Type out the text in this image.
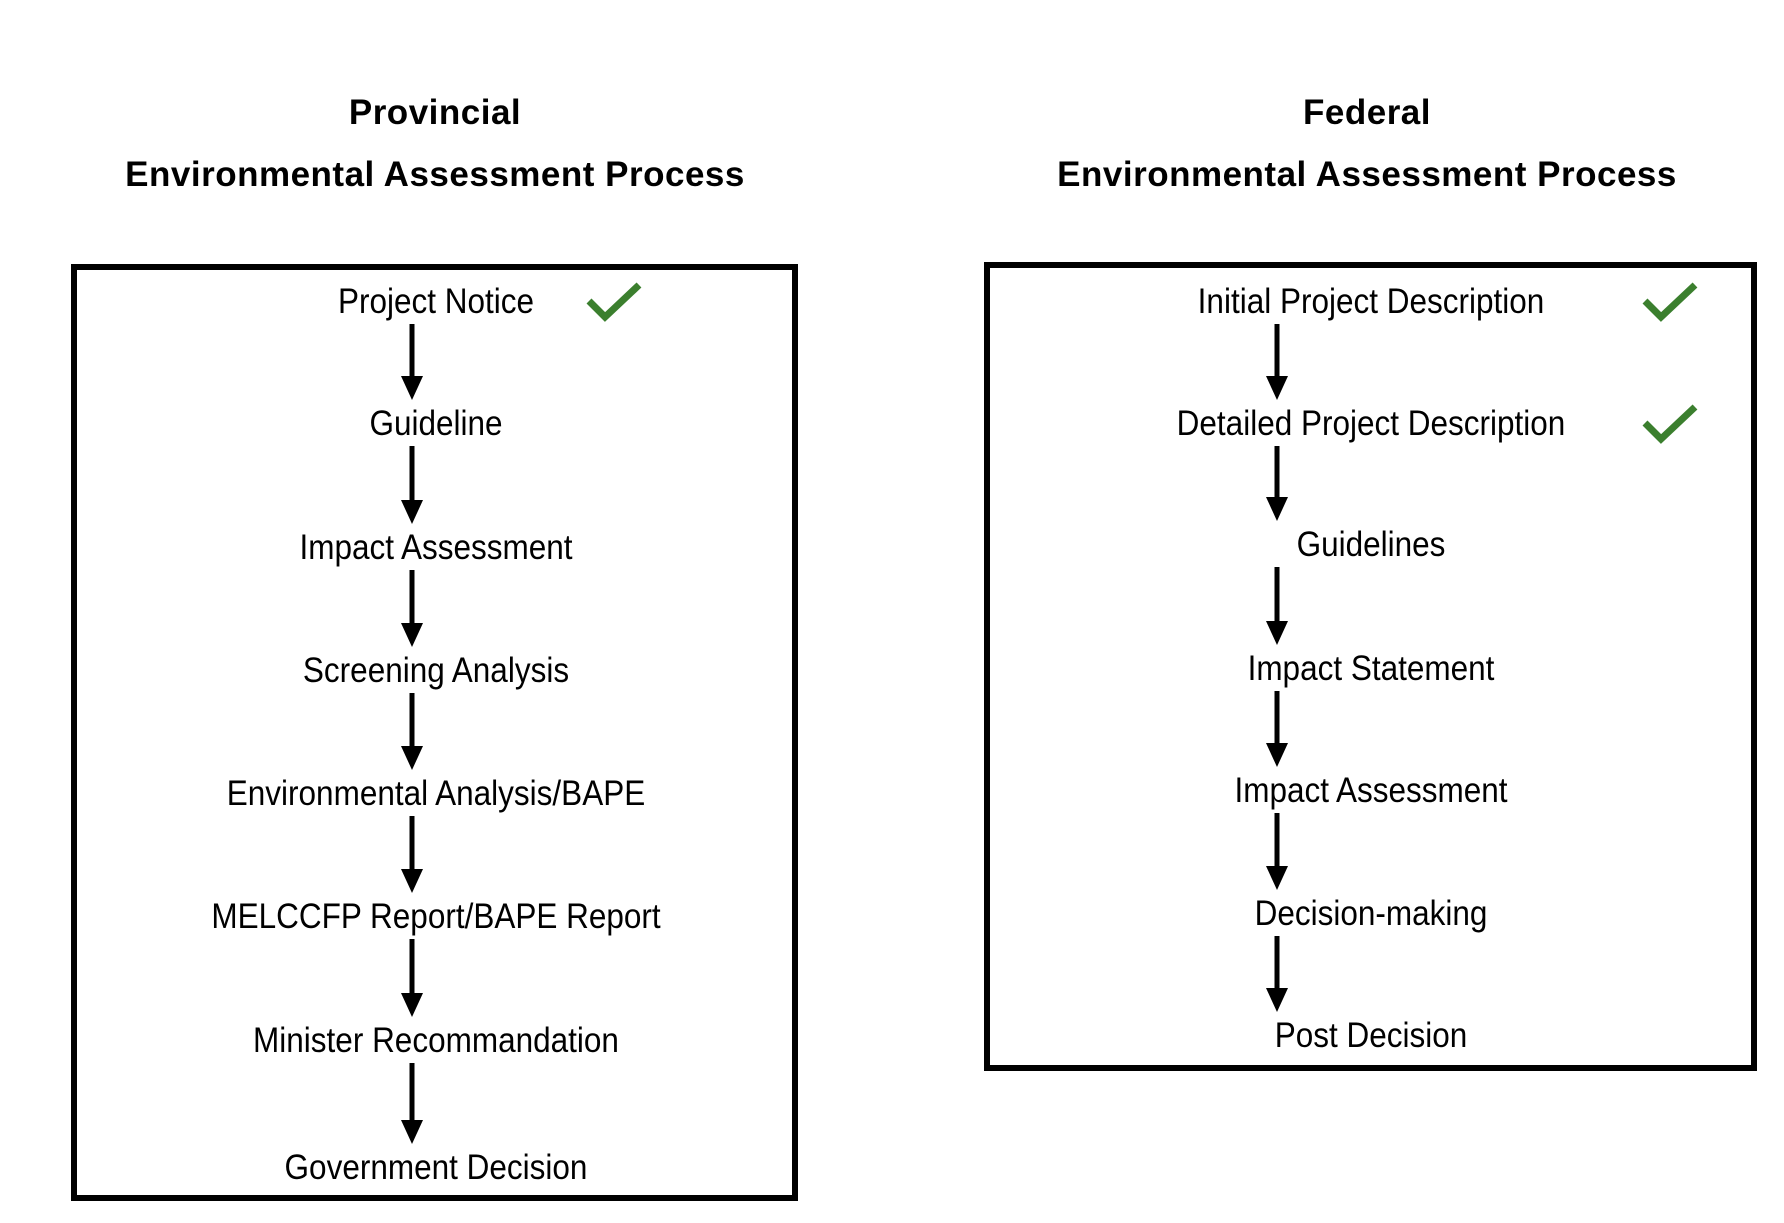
Provincial
Environmental Assessment Process
Federal
Environmental Assessment Process
Project Notice
Guideline
Impact Assessment
Screening Analysis
Environmental Analysis/BAPE
MELCCFP Report/BAPE Report
Minister Recommandation
Government Decision
Initial Project Description
Detailed Project Description
Guidelines
Impact Statement
Impact Assessment
Decision-making
Post Decision
